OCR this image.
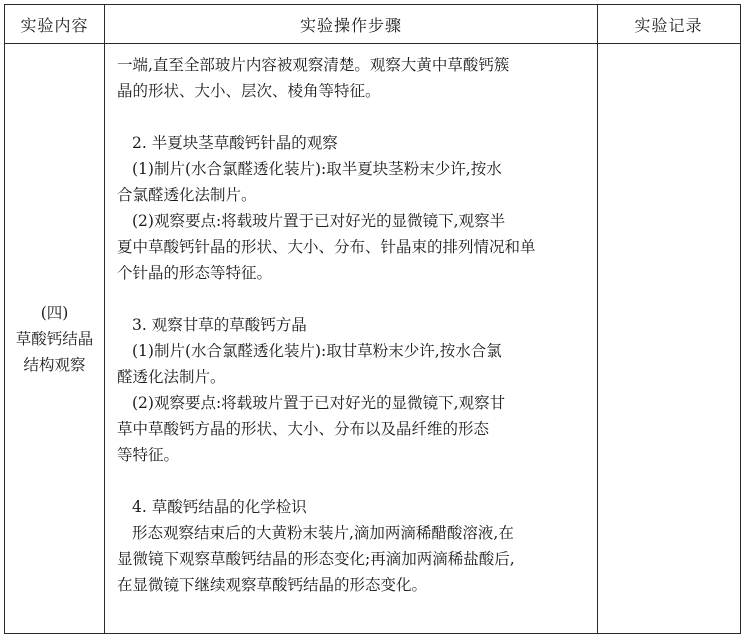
实验内容	实验操作步骤	实验记录
(四)
草酸钙结晶
结构观察
一端,直至全部玻片内容被观察清楚。观察大黄中草酸钙簇
晶的形状、大小、层次、棱角等特征。
2. 半夏块茎草酸钙针晶的观察
(1)制片(水合氯醛透化装片):取半夏块茎粉末少许,按水
合氯醛透化法制片。
(2)观察要点:将载玻片置于已对好光的显微镜下,观察半
夏中草酸钙针晶的形状、大小、分布、针晶束的排列情况和单
个针晶的形态等特征。
3. 观察甘草的草酸钙方晶
(1)制片(水合氯醛透化装片):取甘草粉末少许,按水合氯
醛透化法制片。
(2)观察要点:将载玻片置于已对好光的显微镜下,观察甘
草中草酸钙方晶的形状、大小、分布以及晶纤维的形态
等特征。
4. 草酸钙结晶的化学检识
形态观察结束后的大黄粉末装片,滴加两滴稀醋酸溶液,在
显微镜下观察草酸钙结晶的形态变化;再滴加两滴稀盐酸后,
在显微镜下继续观察草酸钙结晶的形态变化。
